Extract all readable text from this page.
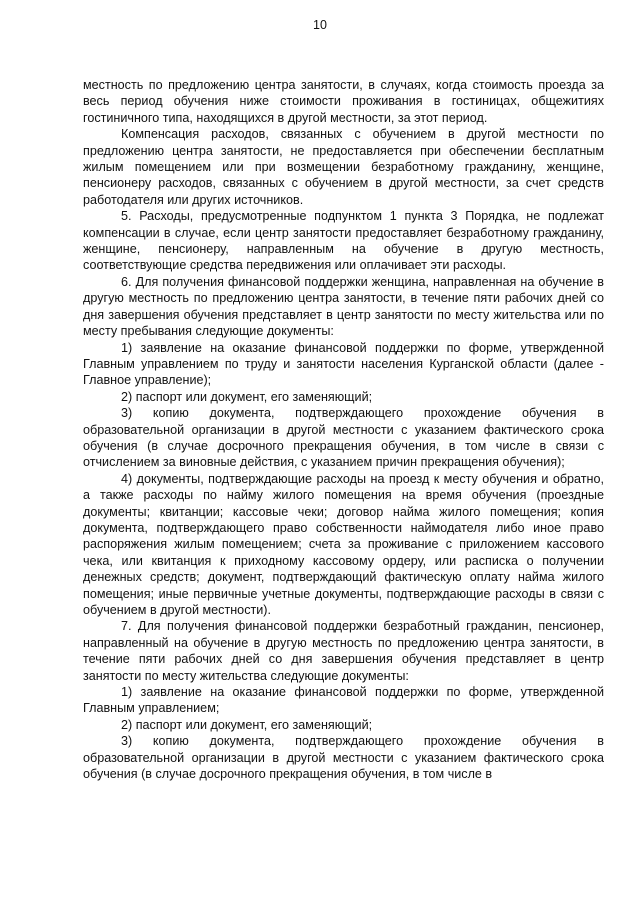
10

местность по предложению центра занятости, в случаях, когда стоимость проезда за весь период обучения ниже стоимости проживания в гостиницах, общежитиях гостиничного типа, находящихся в другой местности, за этот период.

Компенсация расходов, связанных с обучением в другой местности по предложению центра занятости, не предоставляется при обеспечении бесплатным жилым помещением или при возмещении безработному гражданину, женщине, пенсионеру расходов, связанных с обучением в другой местности, за счет средств работодателя или других источников.

5. Расходы, предусмотренные подпунктом 1 пункта 3 Порядка, не подлежат компенсации в случае, если центр занятости предоставляет безработному гражданину, женщине, пенсионеру, направленным на обучение в другую местность, соответствующие средства передвижения или оплачивает эти расходы.

6. Для получения финансовой поддержки женщина, направленная на обучение в другую местность по предложению центра занятости, в течение пяти рабочих дней со дня завершения обучения представляет в центр занятости по месту жительства или по месту пребывания следующие документы:

1) заявление на оказание финансовой поддержки по форме, утвержденной Главным управлением по труду и занятости населения Курганской области (далее - Главное управление);

2) паспорт или документ, его заменяющий;

3) копию документа, подтверждающего прохождение обучения в образовательной организации в другой местности с указанием фактического срока обучения (в случае досрочного прекращения обучения, в том числе в связи с отчислением за виновные действия, с указанием причин прекращения обучения);

4) документы, подтверждающие расходы на проезд к месту обучения и обратно, а также расходы по найму жилого помещения на время обучения (проездные документы; квитанции; кассовые чеки; договор найма жилого помещения; копия документа, подтверждающего право собственности наймодателя либо иное право распоряжения жилым помещением; счета за проживание с приложением кассового чека, или квитанция к приходному кассовому ордеру, или расписка о получении денежных средств; документ, подтверждающий фактическую оплату найма жилого помещения; иные первичные учетные документы, подтверждающие расходы в связи с обучением в другой местности).

7. Для получения финансовой поддержки безработный гражданин, пенсионер, направленный на обучение в другую местность по предложению центра занятости, в течение пяти рабочих дней со дня завершения обучения представляет в центр занятости по месту жительства следующие документы:

1) заявление на оказание финансовой поддержки по форме, утвержденной Главным управлением;

2) паспорт или документ, его заменяющий;

3) копию документа, подтверждающего прохождение обучения в образовательной организации в другой местности с указанием фактического срока обучения (в случае досрочного прекращения обучения, в том числе в
